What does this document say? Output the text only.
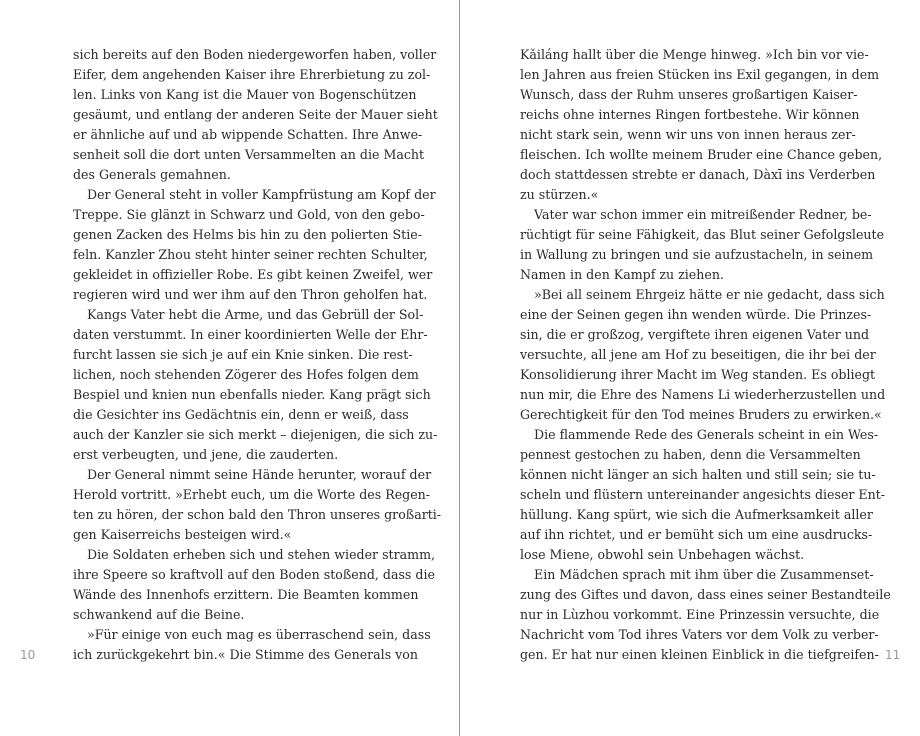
sich bereits auf den Boden niedergeworfen haben, voller
Eifer, dem angehenden Kaiser ihre Ehrerbietung zu zol-
len. Links von Kang ist die Mauer von Bogenschützen
gesäumt, und entlang der anderen Seite der Mauer sieht
er ähnliche auf und ab wippende Schatten. Ihre Anwe-
senheit soll die dort unten Versammelten an die Macht
des Generals gemahnen.
Der General steht in voller Kampfrüstung am Kopf der
Treppe. Sie glänzt in Schwarz und Gold, von den gebo-
genen Zacken des Helms bis hin zu den polierten Stie-
feln. Kanzler Zhou steht hinter seiner rechten Schulter,
gekleidet in offizieller Robe. Es gibt keinen Zweifel, wer
regieren wird und wer ihm auf den Thron geholfen hat.
Kangs Vater hebt die Arme, und das Gebrüll der Sol-
daten verstummt. In einer koordinierten Welle der Ehr-
furcht lassen sie sich je auf ein Knie sinken. Die rest-
lichen, noch stehenden Zögerer des Hofes folgen dem
Bespiel und knien nun ebenfalls nieder. Kang prägt sich
die Gesichter ins Gedächtnis ein, denn er weiß, dass
auch der Kanzler sie sich merkt – diejenigen, die sich zu-
erst verbeugten, und jene, die zauderten.
Der General nimmt seine Hände herunter, worauf der
Herold vortritt. »Erhebt euch, um die Worte des Regen-
ten zu hören, der schon bald den Thron unseres großarti-
gen Kaiserreichs besteigen wird.«
Die Soldaten erheben sich und stehen wieder stramm,
ihre Speere so kraftvoll auf den Boden stoßend, dass die
Wände des Innenhofs erzittern. Die Beamten kommen
schwankend auf die Beine.
»Für einige von euch mag es überraschend sein, dass
ich zurückgekehrt bin.« Die Stimme des Generals von
Kǎiláng hallt über die Menge hinweg. »Ich bin vor vie-
len Jahren aus freien Stücken ins Exil gegangen, in dem
Wunsch, dass der Ruhm unseres großartigen Kaiser-
reichs ohne internes Ringen fortbestehe. Wir können
nicht stark sein, wenn wir uns von innen heraus zer-
fleischen. Ich wollte meinem Bruder eine Chance geben,
doch stattdessen strebte er danach, Dàxī ins Verderben
zu stürzen.«
Vater war schon immer ein mitreißender Redner, be-
rüchtigt für seine Fähigkeit, das Blut seiner Gefolgsleute
in Wallung zu bringen und sie aufzustacheln, in seinem
Namen in den Kampf zu ziehen.
»Bei all seinem Ehrgeiz hätte er nie gedacht, dass sich
eine der Seinen gegen ihn wenden würde. Die Prinzes-
sin, die er großzog, vergiftete ihren eigenen Vater und
versuchte, all jene am Hof zu beseitigen, die ihr bei der
Konsolidierung ihrer Macht im Weg standen. Es obliegt
nun mir, die Ehre des Namens Li wiederherzustellen und
Gerechtigkeit für den Tod meines Bruders zu erwirken.«
Die flammende Rede des Generals scheint in ein Wes-
pennest gestochen zu haben, denn die Versammelten
können nicht länger an sich halten und still sein; sie tu-
scheln und flüstern untereinander angesichts dieser Ent-
hüllung. Kang spürt, wie sich die Aufmerksamkeit aller
auf ihn richtet, und er bemüht sich um eine ausdrucks-
lose Miene, obwohl sein Unbehagen wächst.
Ein Mädchen sprach mit ihm über die Zusammenset-
zung des Giftes und davon, dass eines seiner Bestandteile
nur in Lùzhou vorkommt. Eine Prinzessin versuchte, die
Nachricht vom Tod ihres Vaters vor dem Volk zu verber-
gen. Er hat nur einen kleinen Einblick in die tiefgreifen-
10	11
